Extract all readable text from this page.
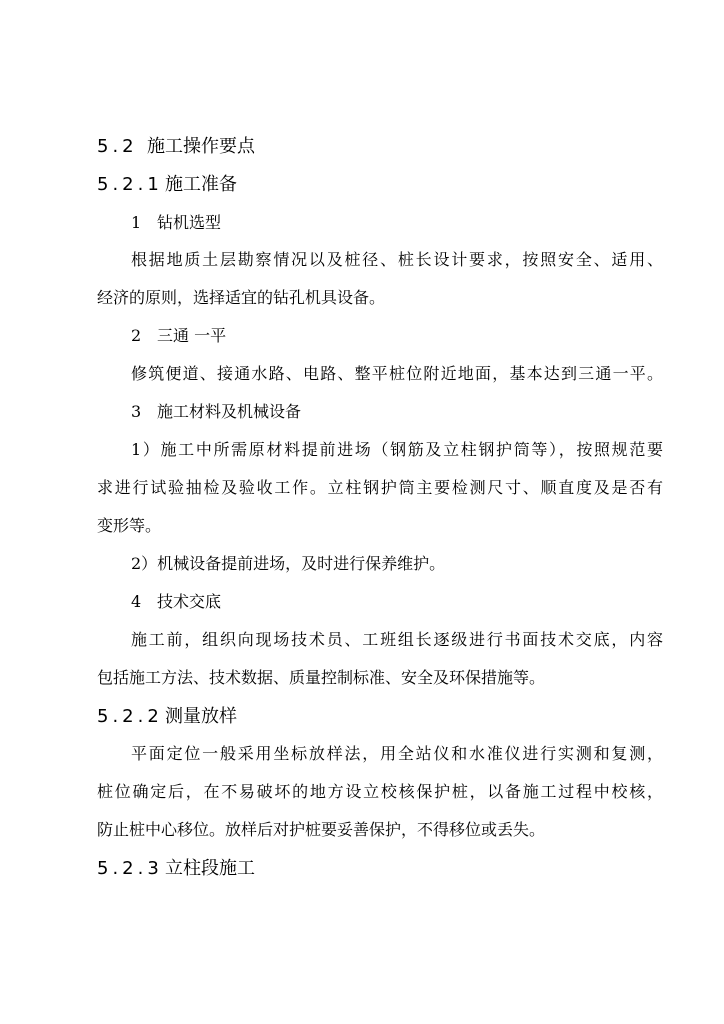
5.2 施工操作要点
5.2.1 施工准备
1 钻机选型
根据地质土层勘察情况以及桩径、桩长设计要求，按照安全、适用、
经济的原则，选择适宜的钻孔机具设备。
2 三通 一平
修筑便道、接通水路、电路、整平桩位附近地面，基本达到三通一平。
3 施工材料及机械设备
1）施工中所需原材料提前进场（钢筋及立柱钢护筒等），按照规范要
求进行试验抽检及验收工作。立柱钢护筒主要检测尺寸、顺直度及是否有
变形等。
2）机械设备提前进场，及时进行保养维护。
4 技术交底
施工前，组织向现场技术员、工班组长逐级进行书面技术交底，内容
包括施工方法、技术数据、质量控制标准、安全及环保措施等。
5.2.2 测量放样
平面定位一般采用坐标放样法，用全站仪和水准仪进行实测和复测，
桩位确定后，在不易破坏的地方设立校核保护桩，以备施工过程中校核，
防止桩中心移位。放样后对护桩要妥善保护，不得移位或丢失。
5.2.3 立柱段施工
